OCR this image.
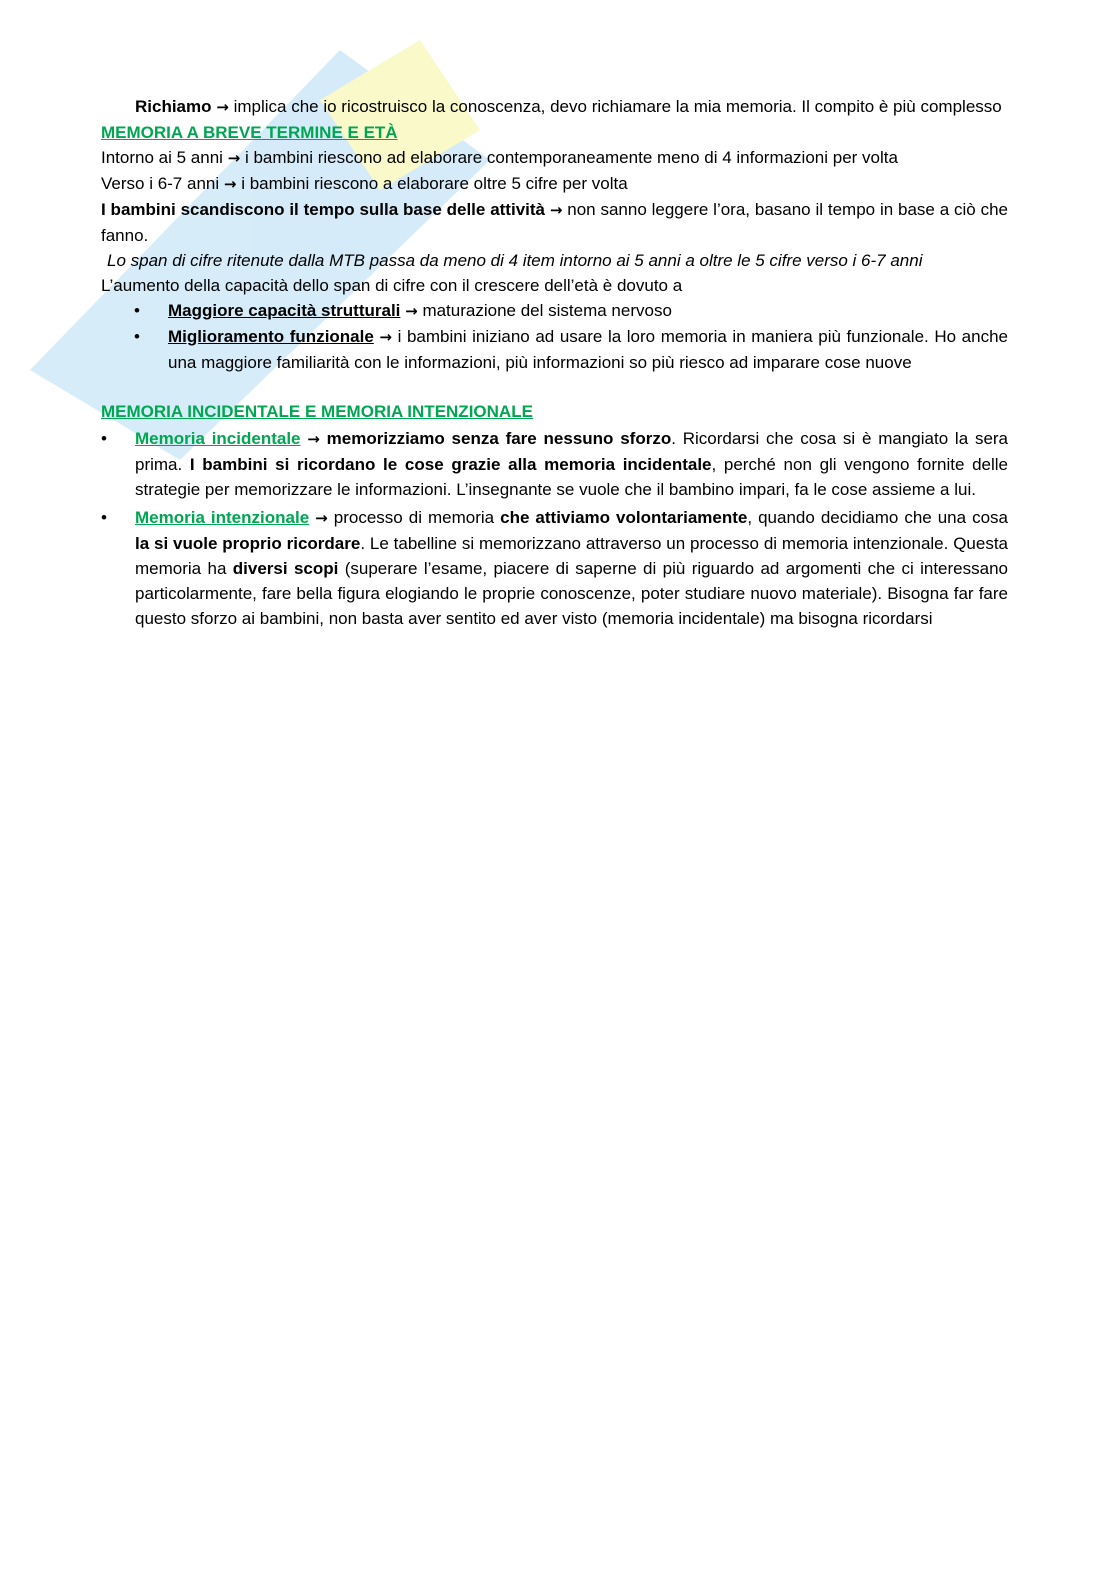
Richiamo → implica che io ricostruisco la conoscenza, devo richiamare la mia memoria. Il compito è più complesso

MEMORIA A BREVE TERMINE E ETÀ

Intorno ai 5 anni → i bambini riescono ad elaborare contemporaneamente meno di 4 informazioni per volta

Verso i 6-7 anni → i bambini riescono a elaborare oltre 5 cifre per volta

I bambini scandiscono il tempo sulla base delle attività → non sanno leggere l’ora, basano il tempo in base a ciò che fanno.

Lo span di cifre ritenute dalla MTB passa da meno di 4 item intorno ai 5 anni a oltre le 5 cifre verso i 6-7 anni

L’aumento della capacità dello span di cifre con il crescere dell’età è dovuto a

• Maggiore capacità strutturali → maturazione del sistema nervoso
• Miglioramento funzionale → i bambini iniziano ad usare la loro memoria in maniera più funzionale. Ho anche una maggiore familiarità con le informazioni, più informazioni so più riesco ad imparare cose nuove

MEMORIA INCIDENTALE E MEMORIA INTENZIONALE

• Memoria incidentale → memorizziamo senza fare nessuno sforzo. Ricordarsi che cosa si è mangiato la sera prima. I bambini si ricordano le cose grazie alla memoria incidentale, perché non gli vengono fornite delle strategie per memorizzare le informazioni. L’insegnante se vuole che il bambino impari, fa le cose assieme a lui.
• Memoria intenzionale → processo di memoria che attiviamo volontariamente, quando decidiamo che una cosa la si vuole proprio ricordare. Le tabelline si memorizzano attraverso un processo di memoria intenzionale. Questa memoria ha diversi scopi (superare l’esame, piacere di saperne di più riguardo ad argomenti che ci interessano particolarmente, fare bella figura elogiando le proprie conoscenze, poter studiare nuovo materiale). Bisogna far fare questo sforzo ai bambini, non basta aver sentito ed aver visto (memoria incidentale) ma bisogna ricordarsi
